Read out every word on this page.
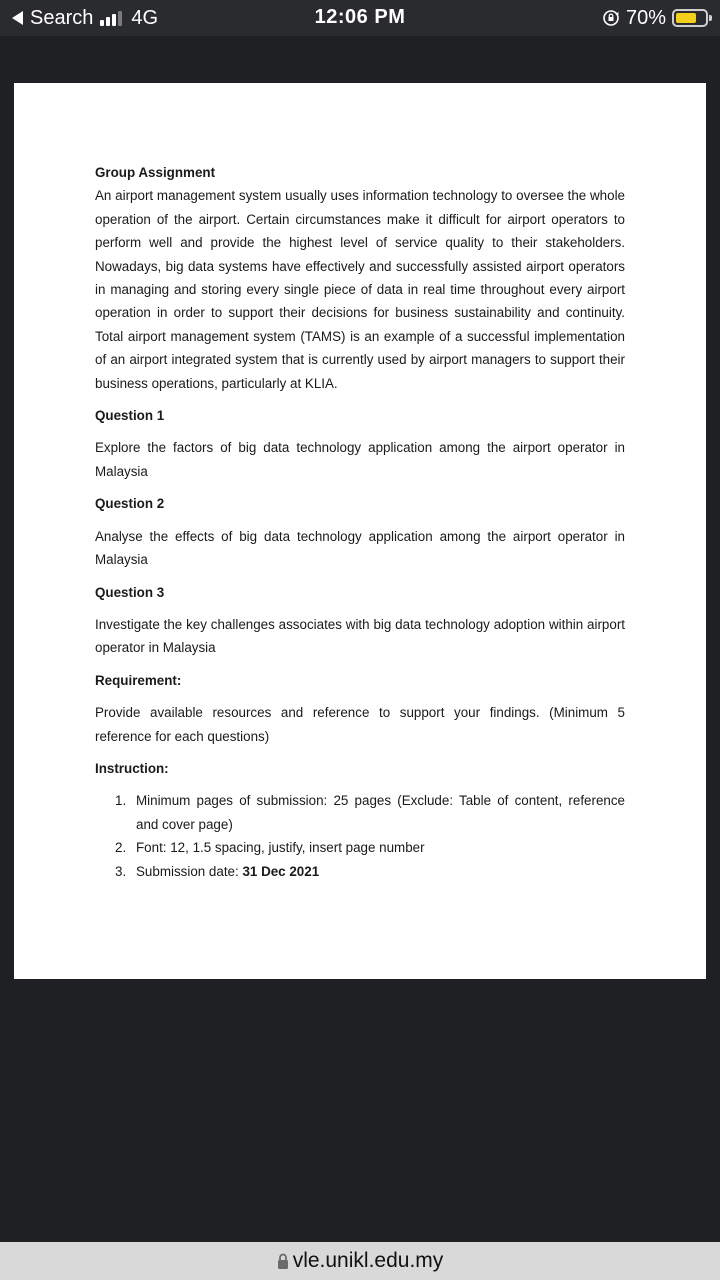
Search 4G	12:06 PM	70%

Group Assignment

An airport management system usually uses information technology to oversee the whole operation of the airport. Certain circumstances make it difficult for airport operators to perform well and provide the highest level of service quality to their stakeholders. Nowadays, big data systems have effectively and successfully assisted airport operators in managing and storing every single piece of data in real time throughout every airport operation in order to support their decisions for business sustainability and continuity. Total airport management system (TAMS) is an example of a successful implementation of an airport integrated system that is currently used by airport managers to support their business operations, particularly at KLIA.

Question 1

Explore the factors of big data technology application among the airport operator in Malaysia

Question 2

Analyse the effects of big data technology application among the airport operator in Malaysia

Question 3

Investigate the key challenges associates with big data technology adoption within airport operator in Malaysia

Requirement:

Provide available resources and reference to support your findings. (Minimum 5 reference for each questions)

Instruction:

1. Minimum pages of submission: 25 pages (Exclude: Table of content, reference and cover page)
2. Font: 12, 1.5 spacing, justify, insert page number
3. Submission date: 31 Dec 2021
vle.unikl.edu.my
